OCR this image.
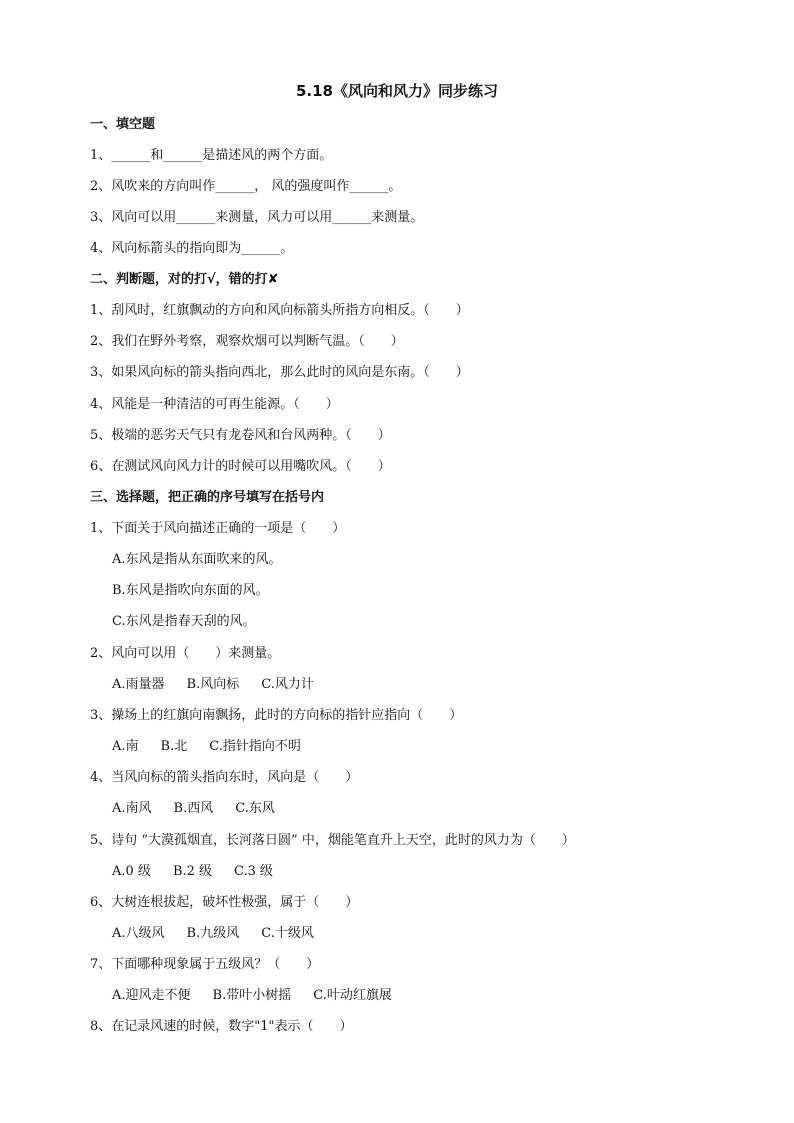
5.18《风向和风力》同步练习
一、填空题
1、______和______是描述风的两个方面。
2、风吹来的方向叫作______， 风的强度叫作______。
3、风向可以用______来测量，风力可以用______来测量。
4、风向标箭头的指向即为______。
二、判断题，对的打√，错的打✘
1、刮风时，红旗飘动的方向和风向标箭头所指方向相反。（　　）
2、我们在野外考察，观察炊烟可以判断气温。（　　）
3、如果风向标的箭头指向西北，那么此时的风向是东南。（　　）
4、风能是一种清洁的可再生能源。（　　）
5、极端的恶劣天气只有龙卷风和台风两种。（　　）
6、在测试风向风力计的时候可以用嘴吹风。（　　）
三、选择题，把正确的序号填写在括号内
1、下面关于风向描述正确的一项是（　　）
A.东风是指从东面吹来的风。
B.东风是指吹向东面的风。
C.东风是指春天刮的风。
2、风向可以用（　　）来测量。
A.雨量器 B.风向标 C.风力计
3、操场上的红旗向南飘扬，此时的方向标的指针应指向（　　）
A.南 B.北 C.指针指向不明
4、当风向标的箭头指向东时，风向是（　　）
A.南风 B.西风 C.东风
5、诗句 “大漠孤烟直，长河落日圆” 中，烟能笔直升上天空，此时的风力为（　　）
A.0 级 B.2 级 C.3 级
6、大树连根拔起，破坏性极强，属于（　　）
A.八级风 B.九级风 C.十级风
7、下面哪种现象属于五级风？（　　）
A.迎风走不便 B.带叶小树摇 C.叶动红旗展
8、在记录风速的时候，数字"1"表示（　　）
